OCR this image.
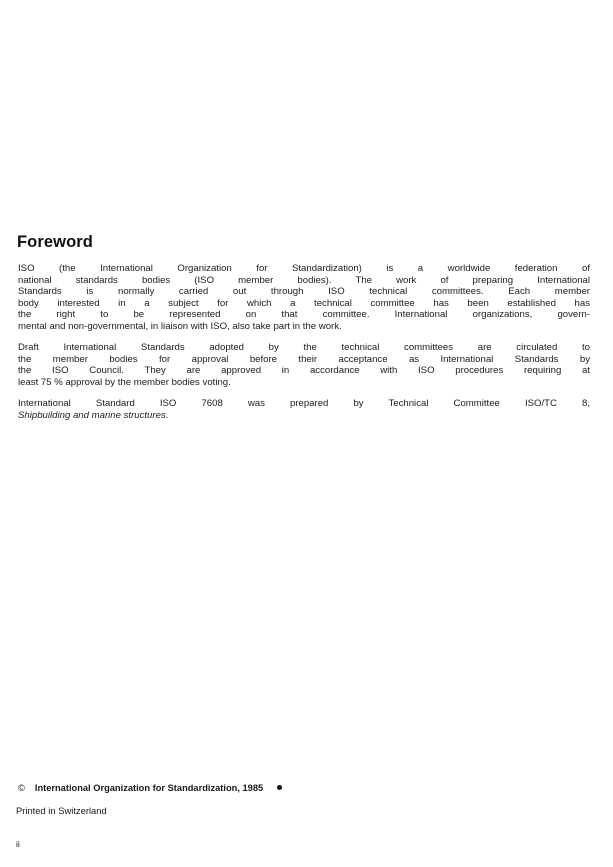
Foreword
ISO (the International Organization for Standardization) is a worldwide federation of
national standards bodies (ISO member bodies). The work of preparing International
Standards is normally carried out through ISO technical committees. Each member
body interested in a subject for which a technical committee has been established has
the right to be represented on that committee. International organizations, govern-
mental and non-governmental, in liaison with ISO, also take part in the work.
Draft International Standards adopted by the technical committees are circulated to
the member bodies for approval before their acceptance as International Standards by
the ISO Council. They are approved in accordance with ISO procedures requiring at
least 75 % approval by the member bodies voting.
International Standard ISO 7608 was prepared by Technical Committee ISO/TC 8,
Shipbuilding and marine structures.
© International Organization for Standardization, 1985
Printed in Switzerland
ii
